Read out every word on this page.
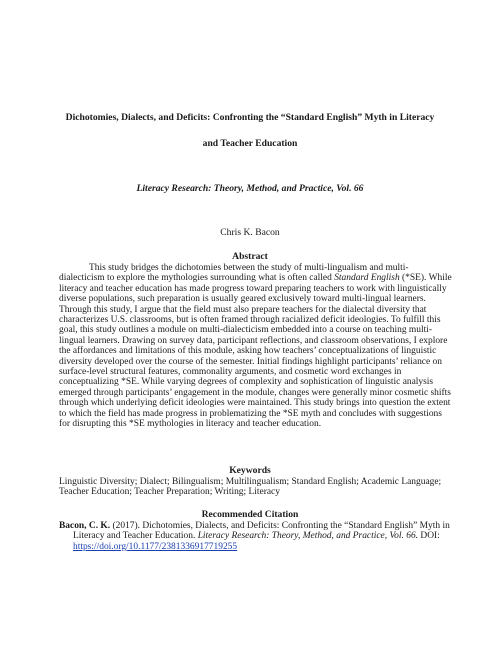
Dichotomies, Dialects, and Deficits: Confronting the “Standard English” Myth in Literacy
and Teacher Education
Literacy Research: Theory, Method, and Practice, Vol. 66
Chris K. Bacon
Abstract

This study bridges the dichotomies between the study of multi-lingualism and multi-dialecticism to explore the mythologies surrounding what is often called Standard English (*SE). While literacy and teacher education has made progress toward preparing teachers to work with linguistically diverse populations, such preparation is usually geared exclusively toward multi-lingual learners. Through this study, I argue that the field must also prepare teachers for the dialectal diversity that characterizes U.S. classrooms, but is often framed through racialized deficit ideologies. To fulfill this goal, this study outlines a module on multi-dialecticism embedded into a course on teaching multi-lingual learners. Drawing on survey data, participant reflections, and classroom observations, I explore the affordances and limitations of this module, asking how teachers’ conceptualizations of linguistic diversity developed over the course of the semester. Initial findings highlight participants’ reliance on surface-level structural features, commonality arguments, and cosmetic word exchanges in conceptualizing *SE. While varying degrees of complexity and sophistication of linguistic analysis emerged through participants’ engagement in the module, changes were generally minor cosmetic shifts through which underlying deficit ideologies were maintained. This study brings into question the extent to which the field has made progress in problematizing the *SE myth and concludes with suggestions for disrupting this *SE mythologies in literacy and teacher education.

Keywords

Linguistic Diversity; Dialect; Bilingualism; Multilingualism; Standard English; Academic Language; Teacher Education; Teacher Preparation; Writing; Literacy

Recommended Citation

Bacon, C. K. (2017). Dichotomies, Dialects, and Deficits: Confronting the “Standard English” Myth in Literacy and Teacher Education. Literacy Research: Theory, Method, and Practice, Vol. 66. DOI: https://doi.org/10.1177/2381336917719255
